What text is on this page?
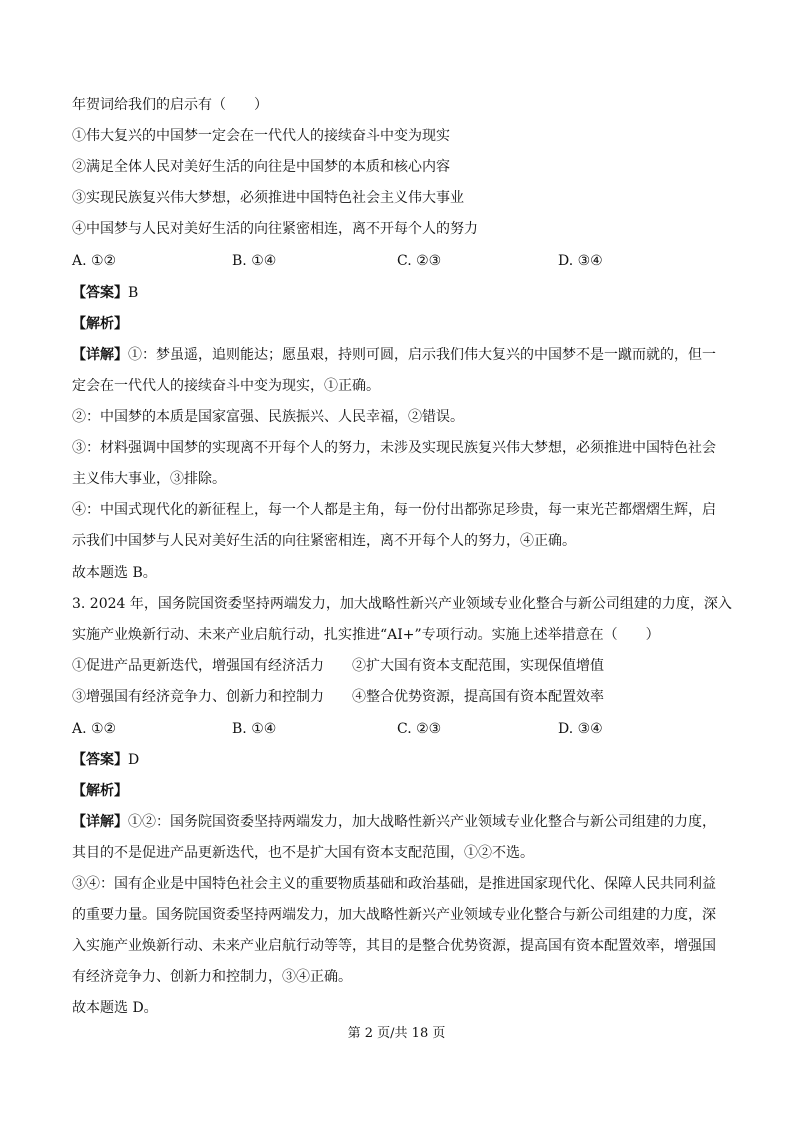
年贺词给我们的启示有（　　）
①伟大复兴的中国梦一定会在一代代人的接续奋斗中变为现实
②满足全体人民对美好生活的向往是中国梦的本质和核心内容
③实现民族复兴伟大梦想，必须推进中国特色社会主义伟大事业
④中国梦与人民对美好生活的向往紧密相连，离不开每个人的努力
A. ①②	B. ①④	C. ②③	D. ③④
【答案】B
【解析】
【详解】①：梦虽遥，追则能达；愿虽艰，持则可圆，启示我们伟大复兴的中国梦不是一蹴而就的，但一
定会在一代代人的接续奋斗中变为现实，①正确。
②：中国梦的本质是国家富强、民族振兴、人民幸福，②错误。
③：材料强调中国梦的实现离不开每个人的努力，未涉及实现民族复兴伟大梦想，必须推进中国特色社会
主义伟大事业，③排除。
④：中国式现代化的新征程上，每一个人都是主角，每一份付出都弥足珍贵，每一束光芒都熠熠生辉，启
示我们中国梦与人民对美好生活的向往紧密相连，离不开每个人的努力，④正确。
故本题选 B。
3. 2024 年，国务院国资委坚持两端发力，加大战略性新兴产业领域专业化整合与新公司组建的力度，深入
实施产业焕新行动、未来产业启航行动，扎实推进“AI+”专项行动。实施上述举措意在（　　）
①促进产品更新迭代，增强国有经济活力 ②扩大国有资本支配范围，实现保值增值
③增强国有经济竞争力、创新力和控制力 ④整合优势资源，提高国有资本配置效率
A. ①②	B. ①④	C. ②③	D. ③④
【答案】D
【解析】
【详解】①②：国务院国资委坚持两端发力，加大战略性新兴产业领域专业化整合与新公司组建的力度，
其目的不是促进产品更新迭代，也不是扩大国有资本支配范围，①②不选。
③④：国有企业是中国特色社会主义的重要物质基础和政治基础，是推进国家现代化、保障人民共同利益
的重要力量。国务院国资委坚持两端发力，加大战略性新兴产业领域专业化整合与新公司组建的力度，深
入实施产业焕新行动、未来产业启航行动等等，其目的是整合优势资源，提高国有资本配置效率，增强国
有经济竞争力、创新力和控制力，③④正确。
故本题选 D。
第 2 页/共 18 页
